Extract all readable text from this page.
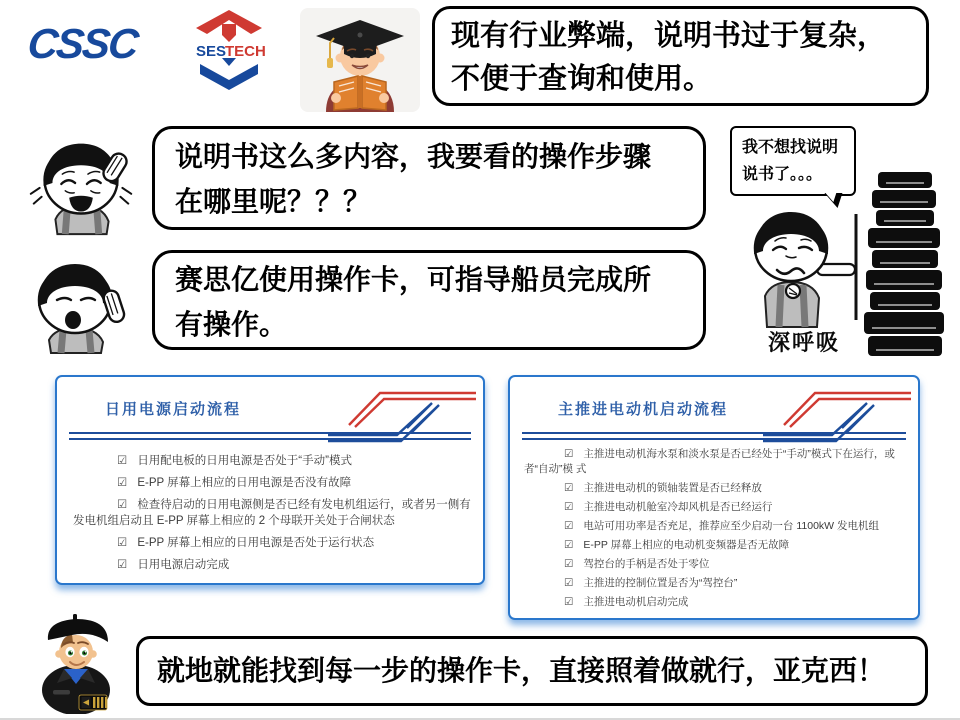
CSSC	SES
TECH	现有行业弊端，说明书过于复杂，
不便于查询和使用。
说明书这么多内容，我要看的操作步骤
在哪里呢？？？
我不想找说明
说书了。。。
深呼吸
赛思亿使用操作卡，可指导船员完成所
有操作。
日用电源启动流程
☑ 日用配电板的日用电源是否处于“手动”模式
☑ E-PP 屏幕上相应的日用电源是否没有故障
☑ 检查待启动的日用电源侧是否已经有发电机组运行，或者另一侧有发电机组启动且 E-PP 屏幕上相应的 2 个母联开关处于合闸状态
☑ E-PP 屏幕上相应的日用电源是否处于运行状态
☑ 日用电源启动完成
主推进电动机启动流程
☑ 主推进电动机海水泵和淡水泵是否已经处于“手动”模式下在运行，或者“自动”模 式
☑ 主推进电动机的锁轴装置是否已经释放
☑ 主推进电动机舱室冷却风机是否已经运行
☑ 电站可用功率是否充足，推荐应至少启动一台 1100kW 发电机组
☑ E-PP 屏幕上相应的电动机变频器是否无故障
☑ 驾控台的手柄是否处于零位
☑ 主推进的控制位置是否为“驾控台”
☑ 主推进电动机启动完成
就地就能找到每一步的操作卡，直接照着做就行，亚克西！
